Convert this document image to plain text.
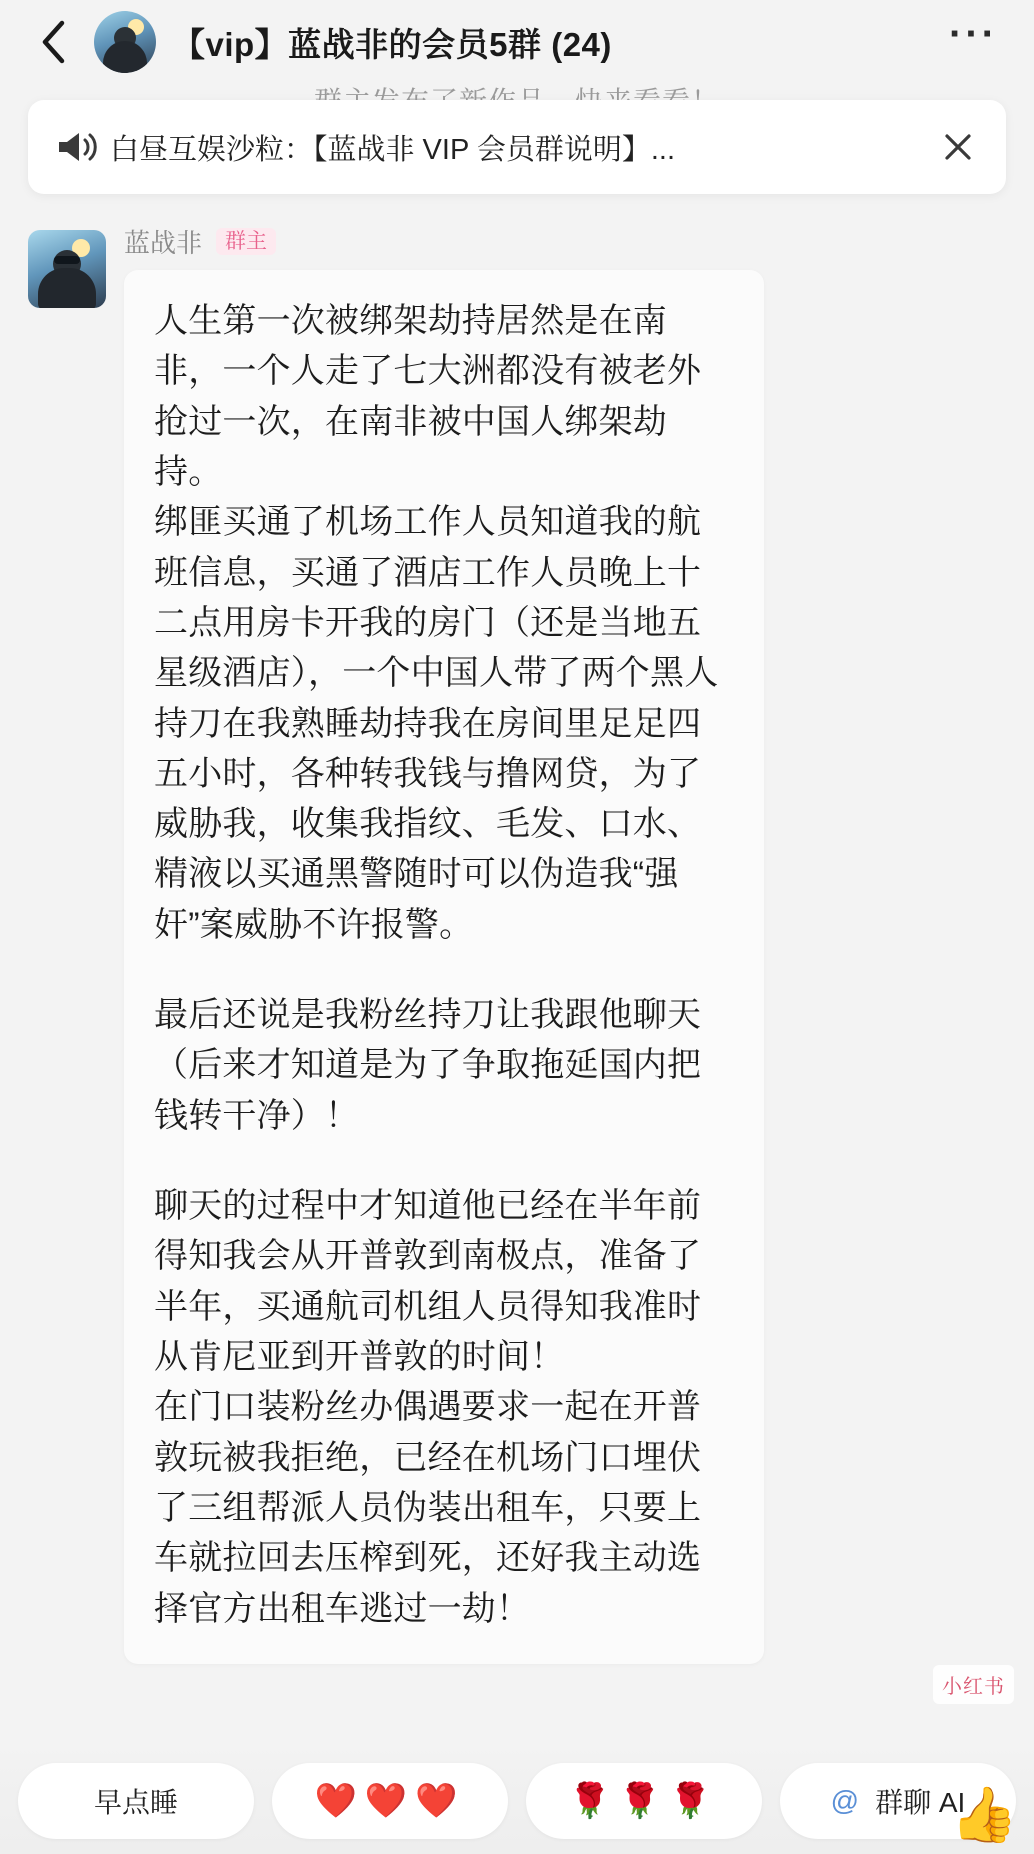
【vip】蓝战非的会员5群 (24)	···
白昼互娱沙粒：【蓝战非 VIP 会员群说明】...
蓝战非	群主

人生第一次被绑架劫持居然是在南非，一个人走了七大洲都没有被老外抢过一次，在南非被中国人绑架劫持。

绑匪买通了机场工作人员知道我的航班信息，买通了酒店工作人员晚上十二点用房卡开我的房门（还是当地五星级酒店），一个中国人带了两个黑人持刀在我熟睡劫持我在房间里足足四五小时，各种转我钱与撸网贷，为了威胁我，收集我指纹、毛发、口水、精液以买通黑警随时可以伪造我“强奸”案威胁不许报警。

最后还说是我粉丝持刀让我跟他聊天（后来才知道是为了争取拖延国内把钱转干净）！

聊天的过程中才知道他已经在半年前得知我会从开普敦到南极点，准备了半年，买通航司机组人员得知我准时从肯尼亚到开普敦的时间！

在门口装粉丝办偶遇要求一起在开普敦玩被我拒绝，已经在机场门口埋伏了三组帮派人员伪装出租车，只要上车就拉回去压榨到死，还好我主动选择官方出租车逃过一劫！

小红书
早点睡	❤️❤️❤️	🌹🌹🌹	@ 群聊 AI
👍
